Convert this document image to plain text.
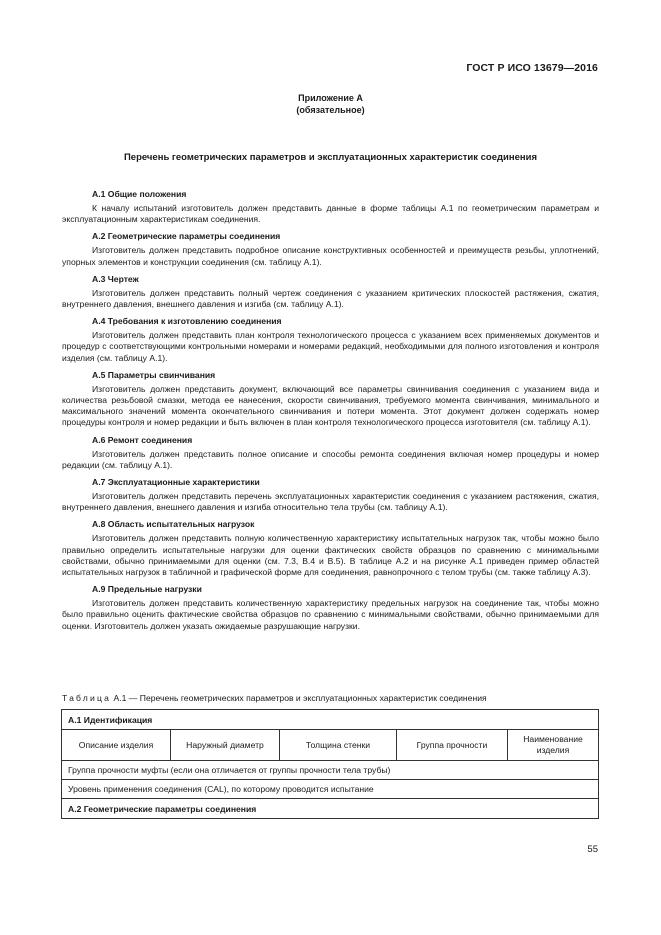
ГОСТ Р ИСО 13679—2016
Приложение А
(обязательное)
Перечень геометрических параметров и эксплуатационных характеристик соединения
А.1 Общие положения
К началу испытаний изготовитель должен представить данные в форме таблицы А.1 по геометрическим параметрам и эксплуатационным характеристикам соединения.
А.2 Геометрические параметры соединения
Изготовитель должен представить подробное описание конструктивных особенностей и преимуществ резьбы, уплотнений, упорных элементов и конструкции соединения (см. таблицу А.1).
А.3 Чертеж
Изготовитель должен представить полный чертеж соединения с указанием критических плоскостей растяжения, сжатия, внутреннего давления, внешнего давления и изгиба (см. таблицу А.1).
А.4 Требования к изготовлению соединения
Изготовитель должен представить план контроля технологического процесса с указанием всех применяемых документов и процедур с соответствующими контрольными номерами и номерами редакций, необходимыми для полного изготовления и контроля изделия (см. таблицу А.1).
А.5 Параметры свинчивания
Изготовитель должен представить документ, включающий все параметры свинчивания соединения с указанием вида и количества резьбовой смазки, метода ее нанесения, скорости свинчивания, требуемого момента свинчивания, минимального и максимального значений момента окончательного свинчивания и потери момента. Этот документ должен содержать номер процедуры контроля и номер редакции и быть включен в план контроля технологического процесса изготовителя (см. таблицу А.1).
А.6 Ремонт соединения
Изготовитель должен представить полное описание и способы ремонта соединения включая номер процедуры и номер редакции (см. таблицу А.1).
А.7 Эксплуатационные характеристики
Изготовитель должен представить перечень эксплуатационных характеристик соединения с указанием растяжения, сжатия, внутреннего давления, внешнего давления и изгиба относительно тела трубы (см. таблицу А.1).
А.8 Область испытательных нагрузок
Изготовитель должен представить полную количественную характеристику испытательных нагрузок так, чтобы можно было правильно определить испытательные нагрузки для оценки фактических свойств образцов по сравнению с минимальными свойствами, обычно принимаемыми для оценки (см. 7.3, В.4 и В.5). В таблице А.2 и на рисунке А.1 приведен пример областей испытательных нагрузок в табличной и графической форме для соединения, равнопрочного с телом трубы (см. также таблицу А.3).
А.9 Предельные нагрузки
Изготовитель должен представить количественную характеристику предельных нагрузок на соединение так, чтобы можно было правильно оценить фактические свойства образцов по сравнению с минимальными свойствами, обычно принимаемыми для оценки. Изготовитель должен указать ожидаемые разрушающие нагрузки.
Таблица А.1 — Перечень геометрических параметров и эксплуатационных характеристик соединения
А.1 Идентификация
Описание изделия	Наружный диаметр	Толщина стенки	Группа прочности	Наименование изделия
Группа прочности муфты (если она отличается от группы прочности тела трубы)
Уровень применения соединения (CAL), по которому проводится испытание
А.2 Геометрические параметры соединения
55
